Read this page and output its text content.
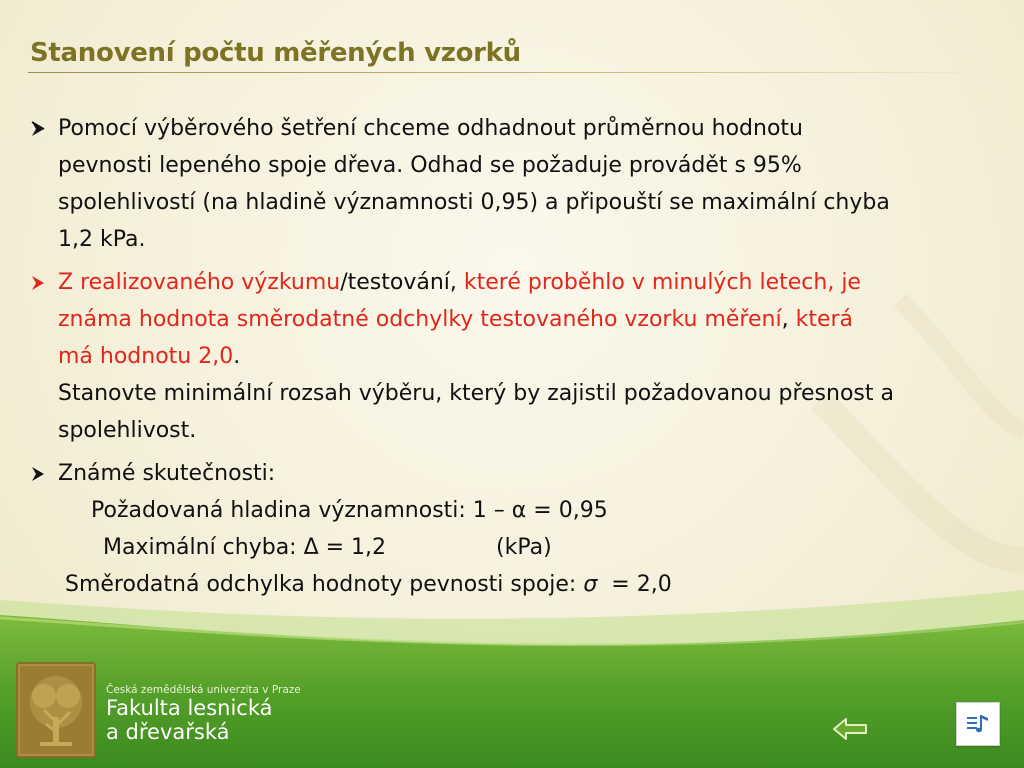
Stanovení počtu měřených vzorků
Pomocí výběrového šetření chceme odhadnout průměrnou hodnotu
pevnosti lepeného spoje dřeva. Odhad se požaduje provádět s 95%
spolehlivostí (na hladině významnosti 0,95) a připouští se maximální chyba
1,2 kPa.
Z realizovaného výzkumu/testování, které proběhlo v minulých letech, je
známa hodnota směrodatné odchylky testovaného vzorku měření, která
má hodnotu 2,0.
Stanovte minimální rozsah výběru, který by zajistil požadovanou přesnost a
spolehlivost.
Známé skutečnosti:
Požadovaná hladina významnosti: 1 – α = 0,95
Maximální chyba: Δ = 1,2	(kPa)
Směrodatná odchylka hodnoty pevnosti spoje: σ  = 2,0
Česká zemědělská univerzita v Praze
Fakulta lesnická
a dřevařská
